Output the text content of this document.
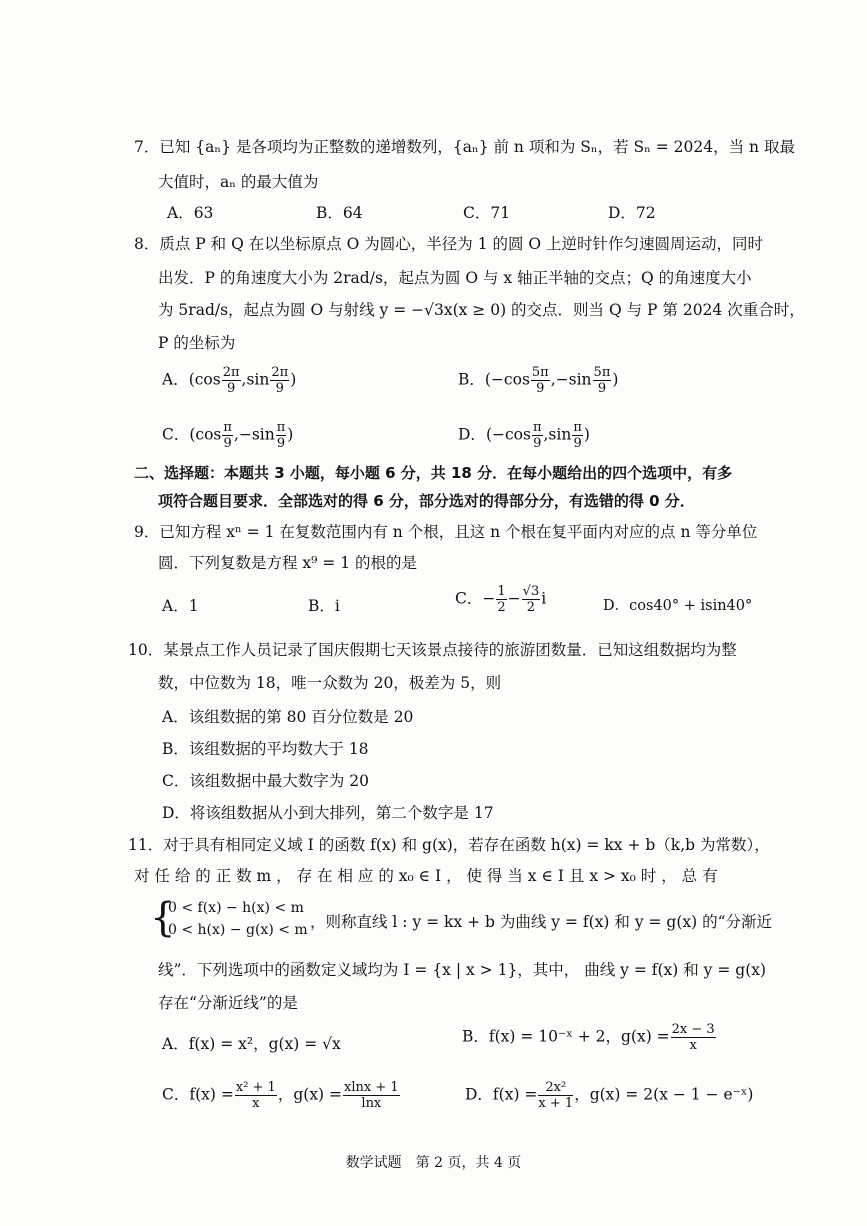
7．已知 {aₙ} 是各项均为正整数的递增数列，{aₙ} 前 n 项和为 Sₙ，若 Sₙ = 2024，当 n 取最
大值时，aₙ 的最大值为
A．63	B．64	C．71	D．72
8．质点 P 和 Q 在以坐标原点 O 为圆心，半径为 1 的圆 O 上逆时针作匀速圆周运动，同时
出发．P 的角速度大小为 2rad/s，起点为圆 O 与 x 轴正半轴的交点；Q 的角速度大小
为 5rad/s，起点为圆 O 与射线 y = −√3x(x ≥ 0) 的交点．则当 Q 与 P 第 2024 次重合时，
P 的坐标为
A．($\cos \frac{2\pi}{9} ,\sin \frac{2\pi}{9}$ )	B．($-\cos \frac{5\pi}{9} ,-\sin \frac{5\pi}{9}$ )
C．($\cos \frac{\pi}{9} ,-\sin \frac{\pi}{9}$ )	D．($-\cos \frac{\pi}{9} ,\sin \frac{\pi}{9}$ )
二、选择题：本题共 3 小题，每小题 6 分，共 18 分．在每小题给出的四个选项中，有多
项符合题目要求．全部选对的得 6 分，部分选对的得部分分，有选错的得 0 分．
9．已知方程 xⁿ = 1 在复数范围内有 n 个根，且这 n 个根在复平面内对应的点 n 等分单位
圆．下列复数是方程 x⁹ = 1 的根的是
A．1	B．i	C．− $\frac{1}{2} - \frac{√3}{2}$ i	D．cos40° + isin40°
10．某景点工作人员记录了国庆假期七天该景点接待的旅游团数量．已知这组数据均为整
数，中位数为 18，唯一众数为 20，极差为 5，则
A．该组数据的第 80 百分位数是 20
B．该组数据的平均数大于 18
C．该组数据中最大数字为 20
D．将该组数据从小到大排列，第二个数字是 17
11．对于具有相同定义域 I 的函数 f(x) 和 g(x)，若存在函数 h(x) = kx + b（k,b 为常数），
对 任 给 的 正 数 m ， 存 在 相 应 的 x₀ ∈ I ， 使 得 当 x ∈ I 且 x > x₀ 时 ， 总 有
{
0 < f(x) − h(x) < m
0 < h(x) − g(x) < m ，则称直线 l : y = kx + b 为曲线 y = f(x) 和 y = g(x) 的“分渐近
线”．下列选项中的函数定义域均为 I = {x | x > 1}，其中， 曲线 y = f(x) 和 y = g(x)
存在“分渐近线”的是
A．f(x) = x²，g(x) = √x	B．f(x) = 10⁻ˣ + 2，$g(x) = \frac{2x - 3}{x}$
C．$f(x) = \frac{\text{x² + 1}}{x}$ ，$g(x) = \frac{xlnx + 1}{\ln x}$	D．$f(x) = \frac{\text{2x²}}{x + 1}$ ，g(x) = 2(x − 1 − e⁻ˣ)
数学试题　第 2 页，共 4 页
